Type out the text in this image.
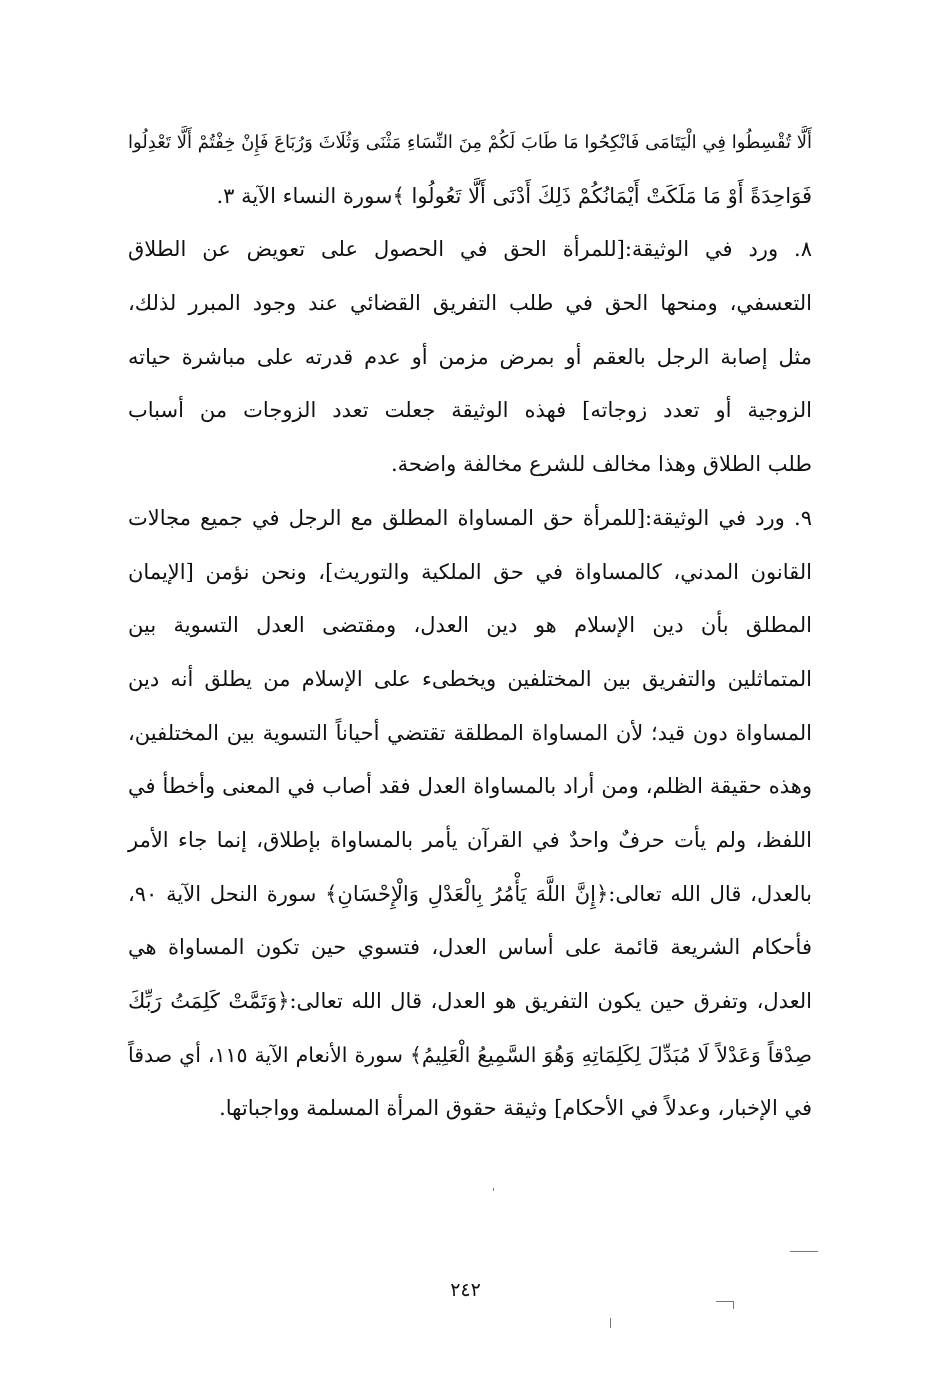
أَلَّا تُقْسِطُوا فِي الْيَتَامَى فَانْكِحُوا مَا طَابَ لَكُمْ مِنَ النِّسَاءِ مَثْنَى وَثُلَاثَ وَرُبَاعَ فَإِنْ خِفْتُمْ أَلَّا تَعْدِلُوا
فَوَاحِدَةً أَوْ مَا مَلَكَتْ أَيْمَانُكُمْ ذَلِكَ أَدْنَى أَلَّا تَعُولُوا ﴾سورة النساء الآية ٣.
٨. ورد في الوثيقة:[للمرأة الحق في الحصول على تعويض عن الطلاق
التعسفي، ومنحها الحق في طلب التفريق القضائي عند وجود المبرر لذلك،
مثل إصابة الرجل بالعقم أو بمرض مزمن أو عدم قدرته على مباشرة حياته
الزوجية أو تعدد زوجاته] فهذه الوثيقة جعلت تعدد الزوجات من أسباب
طلب الطلاق وهذا مخالف للشرع مخالفة واضحة.
٩. ورد في الوثيقة:[للمرأة حق المساواة المطلق مع الرجل في جميع مجالات
القانون المدني، كالمساواة في حق الملكية والتوريث]، ونحن نؤمن [الإيمان
المطلق بأن دين الإسلام هو دين العدل، ومقتضى العدل التسوية بين
المتماثلين والتفريق بين المختلفين ويخطىء على الإسلام من يطلق أنه دين
المساواة دون قيد؛ لأن المساواة المطلقة تقتضي أحياناً التسوية بين المختلفين،
وهذه حقيقة الظلم، ومن أراد بالمساواة العدل فقد أصاب في المعنى وأخطأ في
اللفظ، ولم يأت حرفٌ واحدٌ في القرآن يأمر بالمساواة بإطلاق، إنما جاء الأمر
بالعدل، قال الله تعالى:﴿إِنَّ اللَّهَ يَأْمُرُ بِالْعَدْلِ وَالْإِحْسَانِ﴾ سورة النحل الآية ٩٠،
فأحكام الشريعة قائمة على أساس العدل، فتسوي حين تكون المساواة هي
العدل، وتفرق حين يكون التفريق هو العدل، قال الله تعالى:﴿وَتَمَّتْ كَلِمَتُ رَبِّكَ
صِدْقاً وَعَدْلاً لَا مُبَدِّلَ لِكَلِمَاتِهِ وَهُوَ السَّمِيعُ الْعَلِيمُ﴾ سورة الأنعام الآية ١١٥، أي صدقاً
في الإخبار، وعدلاً في الأحكام] وثيقة حقوق المرأة المسلمة وواجباتها.
٢٤٢
